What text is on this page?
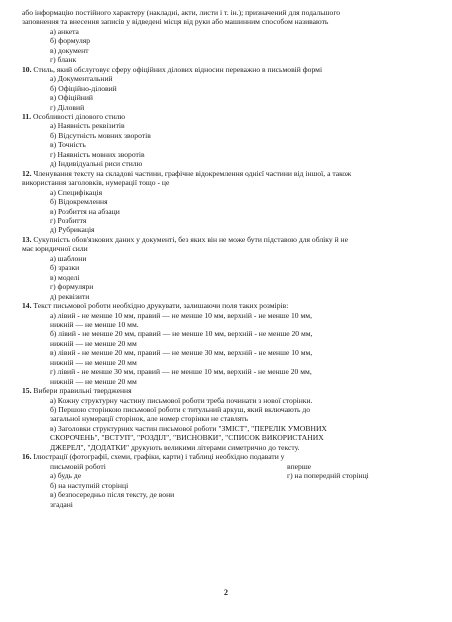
або інформацію постійного характеру (накладні, акти, листи і т. ін.); призначений для подальшого

заповнення та внесення записів у відведені місця від руки або машинним способом називають

а) анкета

б) формуляр

в) документ

г) бланк

10. Стиль, який обслуговує сферу офіційних ділових відносин переважно в письмовій формі

а) Документальний

б) Офіційно-діловий

в) Офіційний

г) Діловий

11. Особливості ділового стилю

а) Наявність реквізитів

б) Відсутність мовних зворотів

в) Точність

г) Наявність мовних зворотів

д) Індивідуальні риси стилю

12. Членування тексту на складові частини, графічне відокремлення однієї частини від іншої, а також

використання заголовків, нумерації тощо - це

а) Специфікація

б) Відокремлення

в) Розбиття на абзаци

г) Розбиття

д) Рубрикація

13. Сукупність обов'язкових даних у документі, без яких він не може бути підставою для обліку й не

має юридичної сили

а) шаблони

б) зразки

в) моделі

г) формуляри

д) реквізити

14. Текст письмової роботи необхідно друкувати, залишаючи поля таких розмірів:

а) лівий - не менше 10 мм, правий — не менше 10 мм, верхній - не менше 10 мм,

нижній — не менше 10 мм.

б) лівий - не менше 20 мм, правий — не менше 10 мм, верхній - не менше 20 мм,

нижній — не менше 20 мм

в) лівий - не менше 20 мм, правий — не менше 30 мм, верхній - не менше 10 мм,

нижній — не менше 20 мм

г) лівий - не менше 30 мм, правий — не менше 10 мм, верхній - не менше 20 мм,

нижній — не менше 20 мм

15. Вибери правильні твердження

а) Кожну структурну частину письмової роботи треба починати з нової сторінки.

б) Першою сторінкою письмової роботи є титульний аркуш, який включають до

загальної нумерації сторінок, але номер сторінки не ставлять

в) Заголовки структурних частин письмової роботи "ЗМІСТ", "ПЕРЕЛІК УМОВНИХ

СКОРОЧЕНЬ", "ВСТУП", "РОЗДІЛ", "ВИСНОВКИ", "СПИСОК ВИКОРИСТАНИХ

ДЖЕРЕЛ", "ДОДАТКИ" друкують великими літерами симетрично до тексту.

16. Ілюстрації (фотографії, схеми, графіки, карти) і таблиці необхідно подавати у

письмовій роботі	вперше
а) будь де	г) на попередній сторінці

б) на наступній сторінці

в) безпосередньо після тексту, де вони

згадані

2
